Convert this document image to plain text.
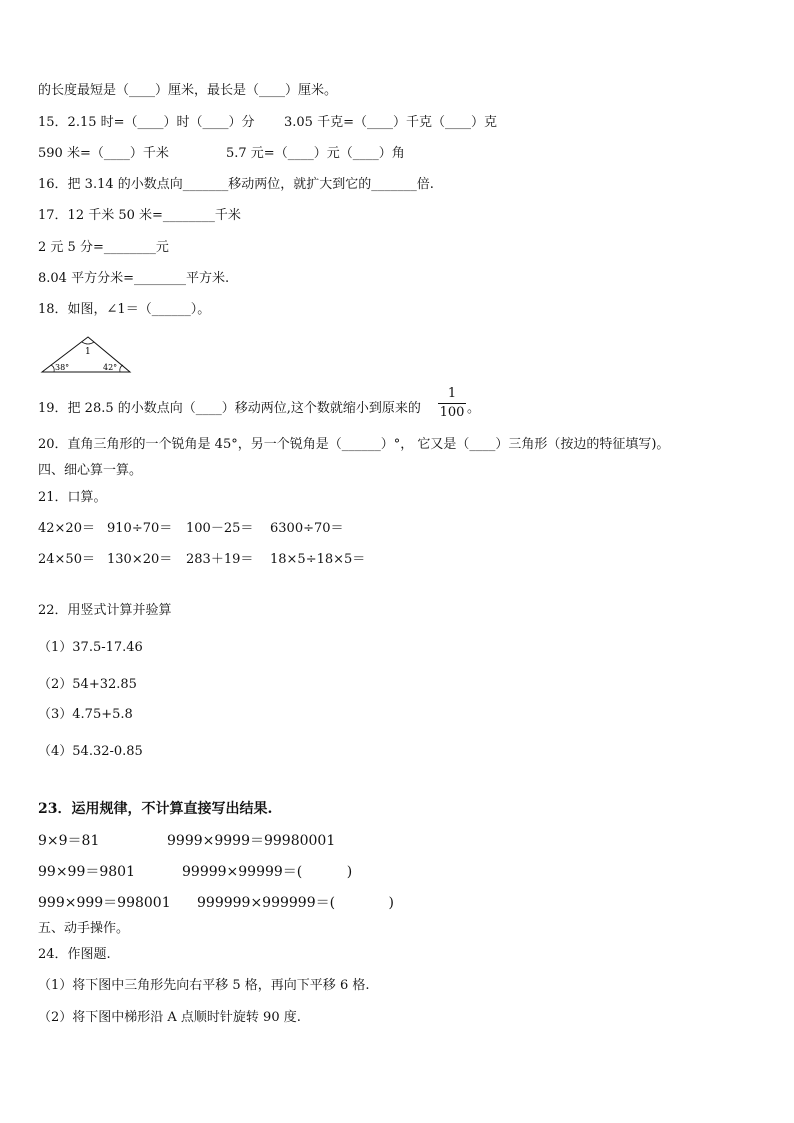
的长度最短是（____）厘米，最长是（____）厘米。
15．2.15 时=（____）时（____）分 3.05 千克=（____）千克（____）克
590 米=（____）千米	5.7 元=（____）元（____）角
16．把 3.14 的小数点向_______移动两位，就扩大到它的_______倍.
17．12 千米 50 米=________千米
2 元 5 分=________元
8.04 平方分米=________平方米.
18．如图，∠1＝（______）。
1
38°	42°
19．把 28.5 的小数点向（____）移动两位,这个数就缩小到原来的
1
100 。
20．直角三角形的一个锐角是 45°，另一个锐角是（______）°， 它又是（____）三角形（按边的特征填写)。
四、细心算一算。
21．口算。
42×20＝ 910÷70＝ 100－25＝ 6300÷70＝
24×50＝ 130×20＝ 283＋19＝ 18×5÷18×5＝
22．用竖式计算并验算
（1）37.5-17.46
（2）54+32.85
（3）4.75+5.8
（4）54.32-0.85
23．运用规律，不计算直接写出结果.
9×9＝81	9999×9999＝99980001
99×99＝9801	99999×99999＝(          )
999×999＝998001 999999×999999＝(            )
五、动手操作。
24．作图题.
（1）将下图中三角形先向右平移 5 格，再向下平移 6 格.
（2）将下图中梯形沿 A 点顺时针旋转 90 度.
